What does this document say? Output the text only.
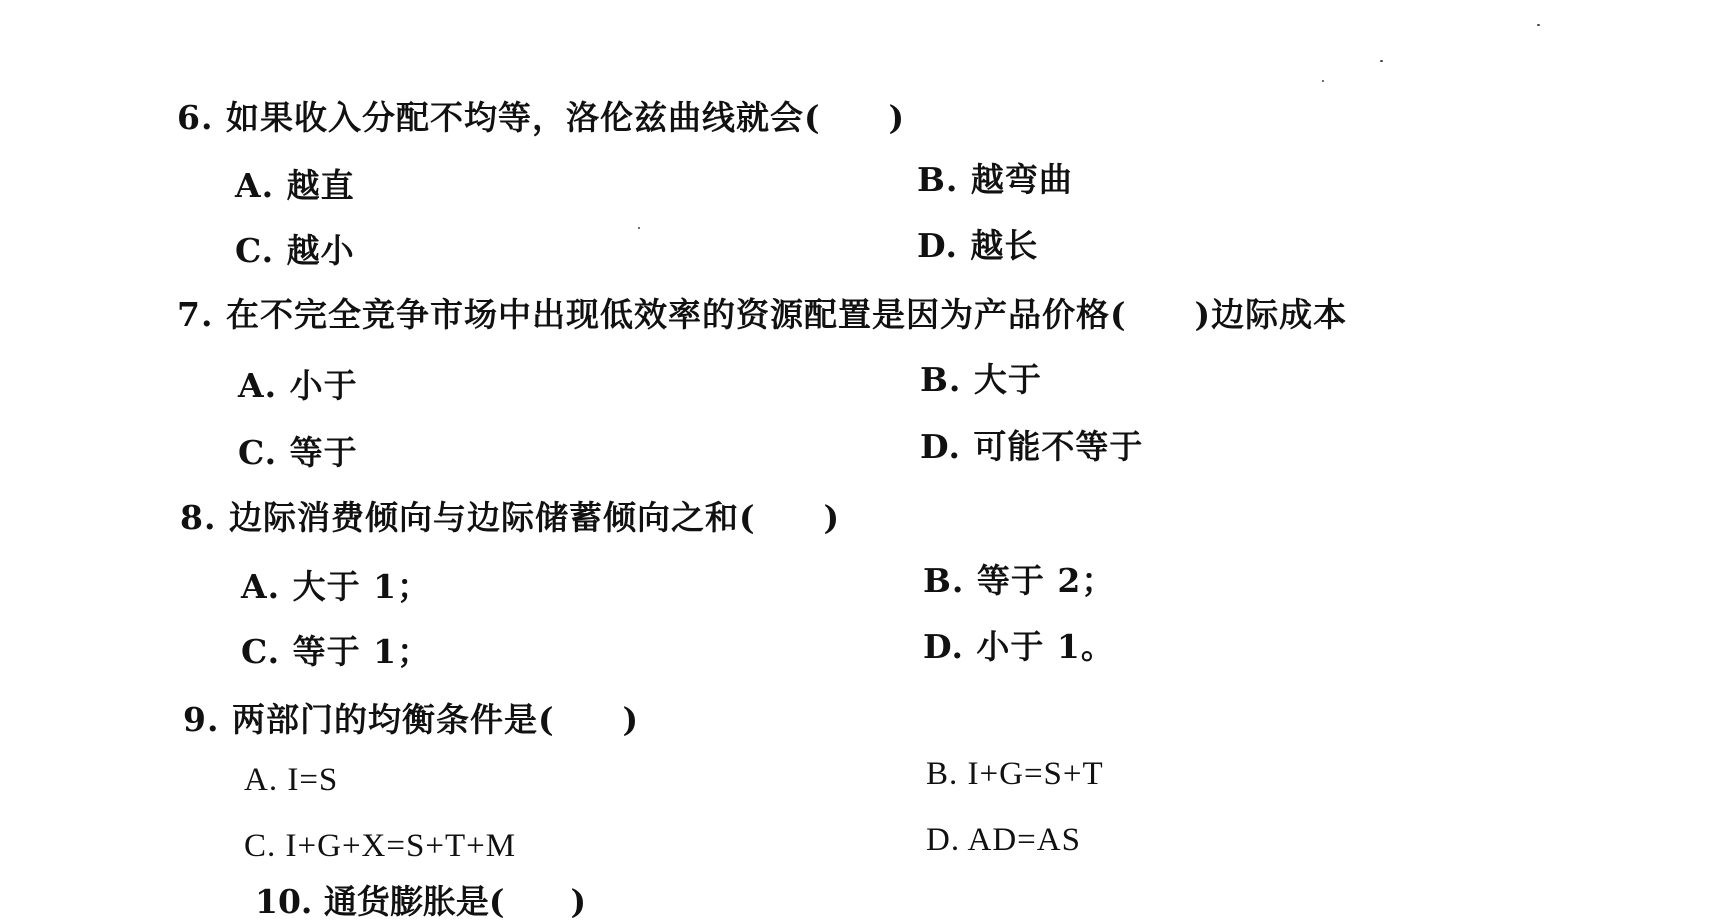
6. 如果收入分配不均等，洛伦兹曲线就会(　　)
A. 越直	B. 越弯曲
C. 越小	D. 越长
7. 在不完全竞争市场中出现低效率的资源配置是因为产品价格(　　)边际成本
A. 小于	B. 大于
C. 等于	D. 可能不等于
8. 边际消费倾向与边际储蓄倾向之和(　　)
A. 大于 1；	B. 等于 2；
C. 等于 1；	D. 小于 1。
9. 两部门的均衡条件是(　　)
A. I=S	B. I+G=S+T
C. I+G+X=S+T+M	D. AD=AS
10. 通货膨胀是(　　)
